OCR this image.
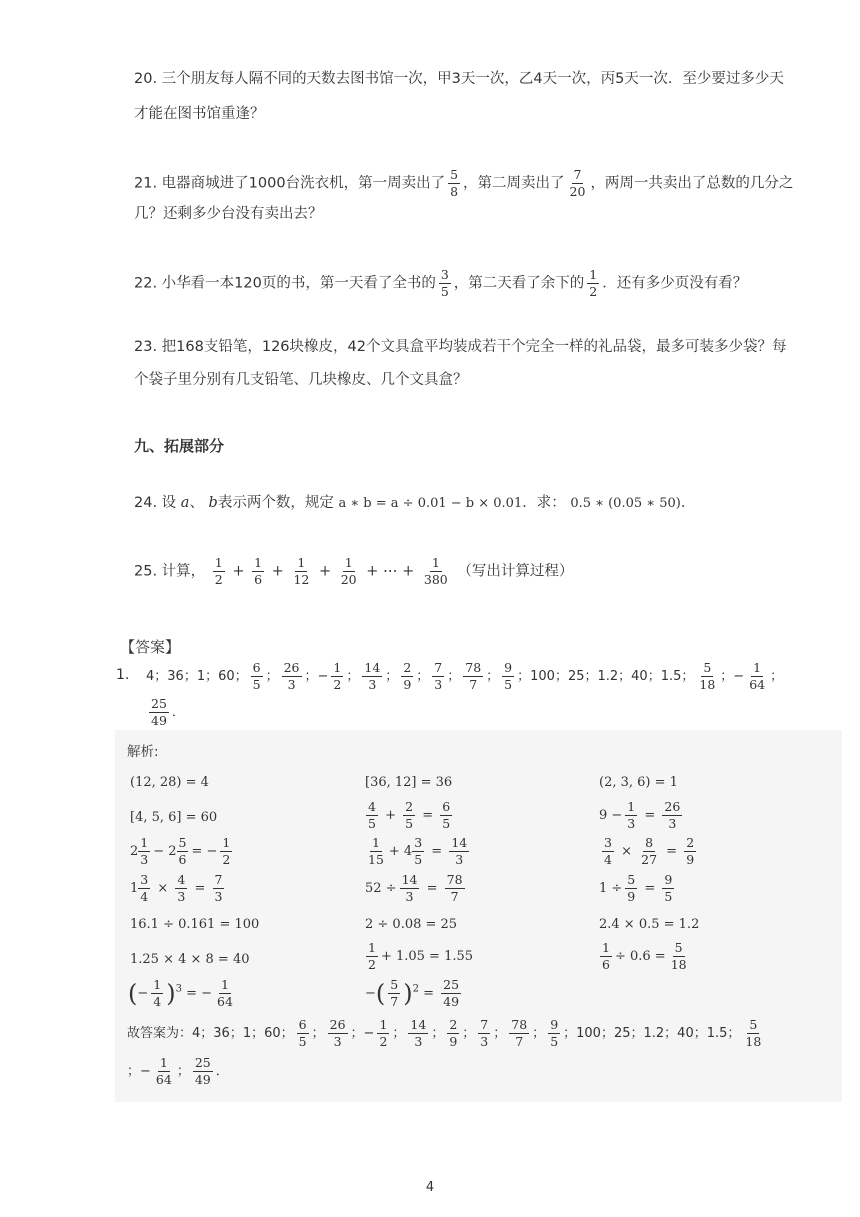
20. 三个朋友每人隔不同的天数去图书馆一次，甲3天一次，乙4天一次，丙5天一次．至少要过多少天
才能在图书馆重逢？
21. 电器商城进了1000台洗衣机，第一周卖出了 $\frac{5}{8}$ ，第二周卖出了 $\frac{7}{20}$ ，两周一共卖出了总数的几分之
几？还剩多少台没有卖出去？
22. 小华看一本120页的书，第一天看了全书的 $\frac{3}{5}$ ，第二天看了余下的 $\frac{1}{2}$ ．还有多少页没有看？
23. 把168支铅笔，126块橡皮，42个文具盒平均装成若干个完全一样的礼品袋，最多可装多少袋？每
个袋子里分别有几支铅笔、几块橡皮、几个文具盒？
九、拓展部分
24. 设 a、 b表示两个数，规定 a ∗ b = a ÷ 0.01 − b × 0.01．求： 0.5 ∗ (0.05 ∗ 50)．
25. 计算， $\frac{1}{2} + \frac{1}{6} + \frac{1}{12} + \frac{1}{20}$ + ⋯ + $\frac{1}{380}$ （写出计算过程）
【答案】
1. 4；36；1；60； $\frac{6}{5}$ ； $\frac{26}{3}$ ；− $\frac{1}{2}$ ； $\frac{14}{3}$ ； $\frac{2}{9}$ ； $\frac{7}{3}$ ； $\frac{78}{7}$ ； $\frac{9}{5}$ ；100；25；1.2；40；1.5； $\frac{5}{18}$ ；− $\frac{1}{64}$ ；
$\frac{25}{49}$ ．
解析:
(12, 28) = 4	[36, 12] = 36	(2, 3, 6) = 1
[4, 5, 6] = 60	$\frac{4}{5} + \frac{2}{5} = \frac{6}{5}$	$9 - \frac{1}{3} = \frac{26}{3}$
$2 \frac{1}{3} - 2 \frac{5}{6}$ = − $\frac{1}{2}$	$\frac{1}{15} + 4 \frac{3}{5} = \frac{14}{3}$	$\frac{3}{4} \times \frac{8}{27} = \frac{2}{9}$
$1 \frac{3}{4} \times \frac{4}{3} = \frac{7}{3}$	$52 \div \frac{14}{3} = \frac{78}{7}$	$1 \div \frac{5}{9} = \frac{9}{5}$
16.1 ÷ 0.161 = 100	2 ÷ 0.08 = 25	2.4 × 0.5 = 1.2
1.25 × 4 × 8 = 40	$\frac{1}{2} + 1.05 = 1.55$	$\frac{1}{6} \div 0.6 = \frac{5}{18}$
(− $\frac{1}{4} )^3$ = − $\frac{1}{64}$	−( $\frac{5}{7} )^2 = \frac{25}{49}$
故答案为：4；36；1；60； $\frac{6}{5}$ ； $\frac{26}{3}$ ；− $\frac{1}{2}$ ； $\frac{14}{3}$ ； $\frac{2}{9}$ ； $\frac{7}{3}$ ； $\frac{78}{7}$ ； $\frac{9}{5}$ ；100；25；1.2；40；1.5； $\frac{5}{18}$
；− $\frac{1}{64}$ ； $\frac{25}{49}$ ．
4
